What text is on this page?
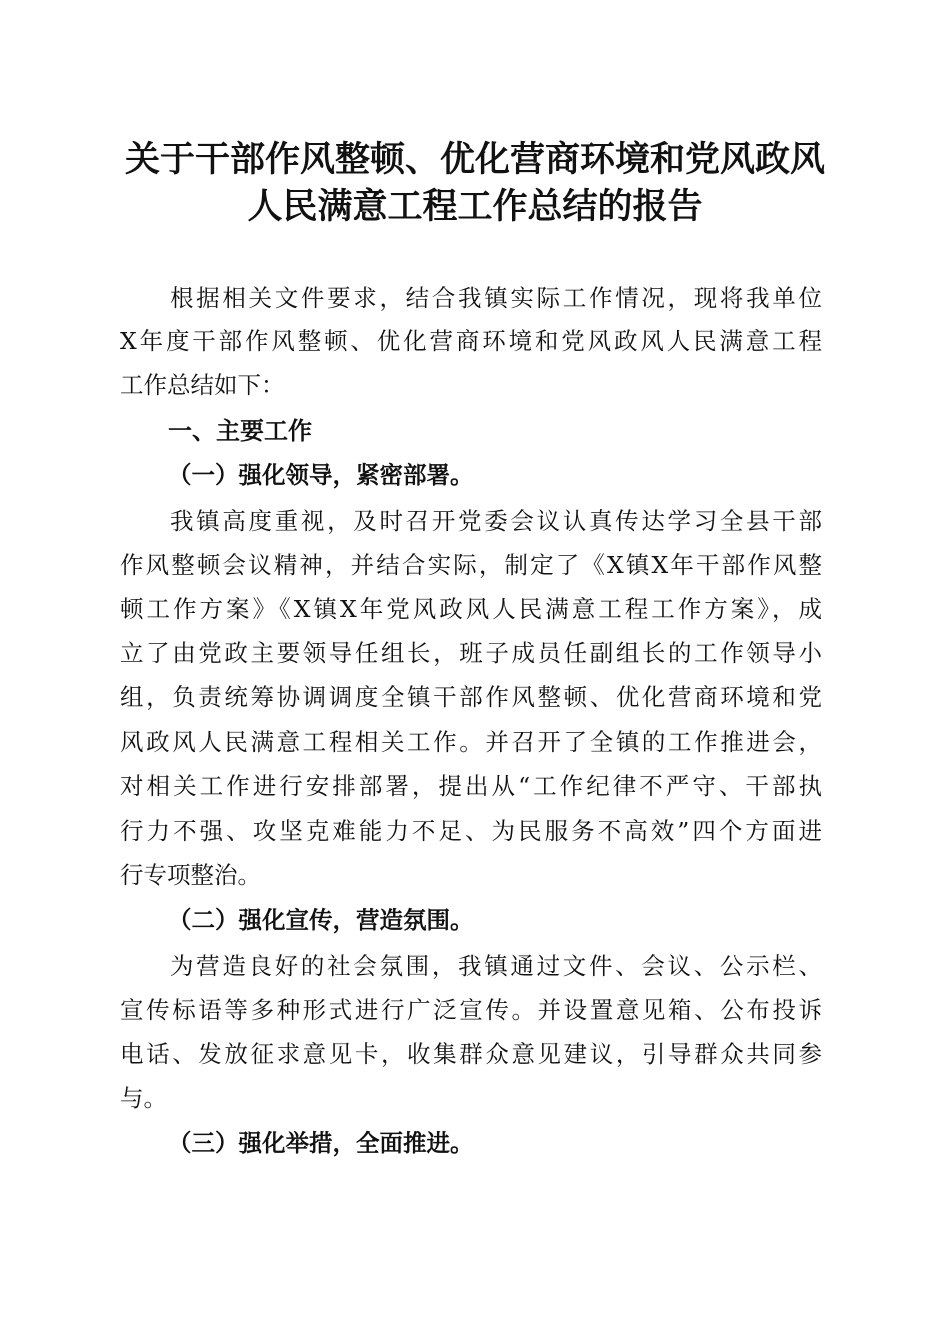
关于干部作风整顿、优化营商环境和党风政风
人民满意工程工作总结的报告
根据相关文件要求，结合我镇实际工作情况，现将我单位
X年度干部作风整顿、优化营商环境和党风政风人民满意工程
工作总结如下：
一、主要工作
（一）强化领导，紧密部署。
我镇高度重视，及时召开党委会议认真传达学习全县干部
作风整顿会议精神，并结合实际，制定了《X镇X年干部作风整
顿工作方案》《X镇X年党风政风人民满意工程工作方案》，成
立了由党政主要领导任组长，班子成员任副组长的工作领导小
组，负责统筹协调调度全镇干部作风整顿、优化营商环境和党
风政风人民满意工程相关工作。并召开了全镇的工作推进会，
对相关工作进行安排部署，提出从“工作纪律不严守、干部执
行力不强、攻坚克难能力不足、为民服务不高效”四个方面进
行专项整治。
（二）强化宣传，营造氛围。
为营造良好的社会氛围，我镇通过文件、会议、公示栏、
宣传标语等多种形式进行广泛宣传。并设置意见箱、公布投诉
电话、发放征求意见卡，收集群众意见建议，引导群众共同参
与。
（三）强化举措，全面推进。
